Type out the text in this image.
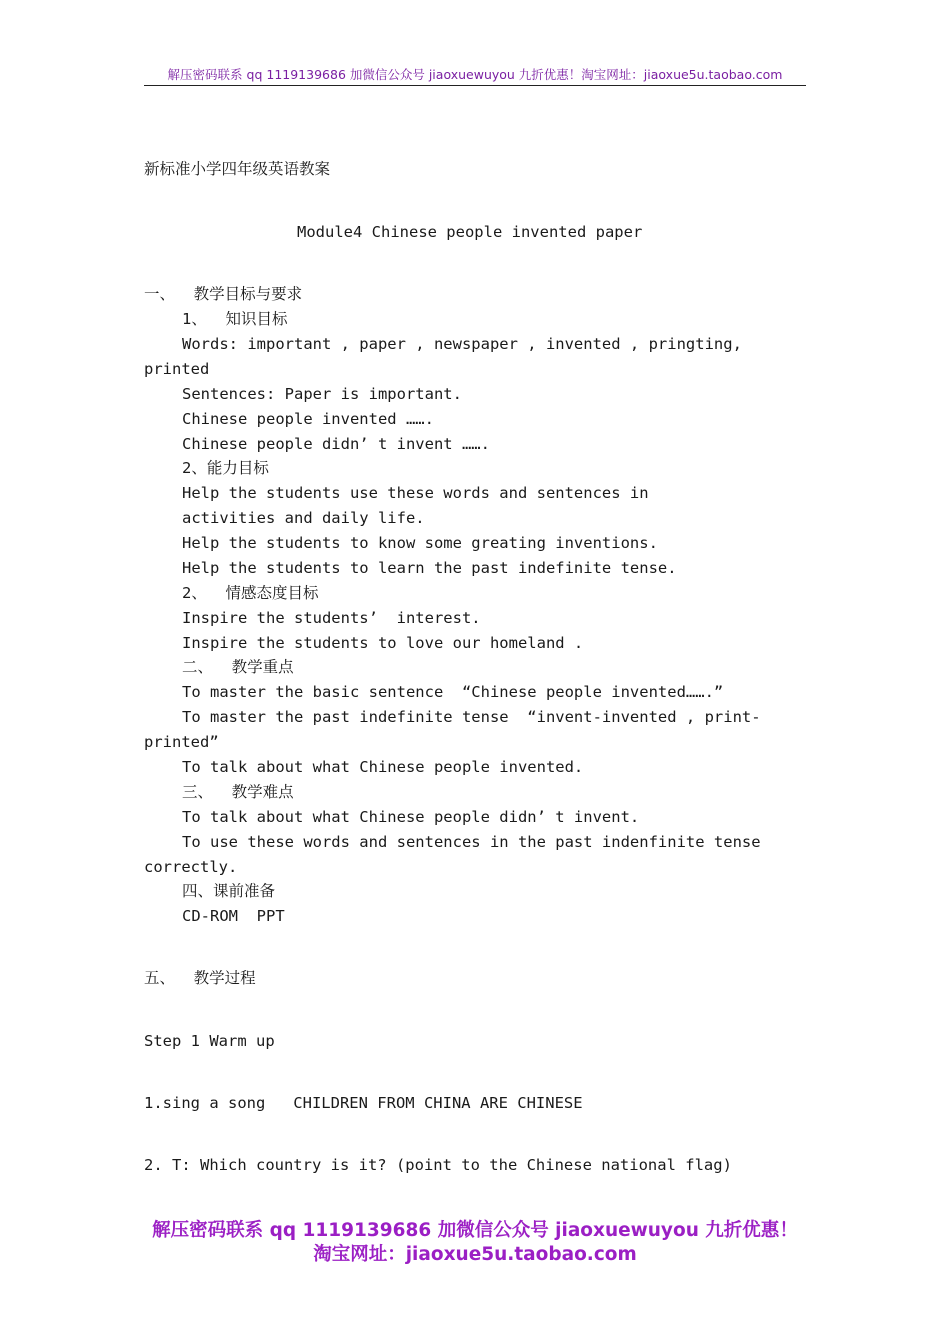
解压密码联系 qq 1119139686 加微信公众号 jiaoxuewuyou 九折优惠！淘宝网址：jiaoxue5u.taobao.com
新标准小学四年级英语教案
Module4 Chinese people invented paper
一、  教学目标与要求
1、  知识目标
Words: important , paper , newspaper , invented , pringting,
printed
Sentences: Paper is important.
Chinese people invented …….
Chinese people didn’ t invent …….
2、能力目标
Help the students use these words and sentences in
activities and daily life.
Help the students to know some greating inventions.
Help the students to learn the past indefinite tense.
2、  情感态度目标
Inspire the students’  interest.
Inspire the students to love our homeland .
二、  教学重点
To master the basic sentence  “Chinese people invented…….”
To master the past indefinite tense  “invent-invented , print-
printed”
To talk about what Chinese people invented.
三、  教学难点
To talk about what Chinese people didn’ t invent.
To use these words and sentences in the past indenfinite tense
correctly.
四、课前准备
CD-ROM  PPT
五、  教学过程
Step 1 Warm up
1.sing a song   CHILDREN FROM CHINA ARE CHINESE
2. T: Which country is it? (point to the Chinese national flag)
解压密码联系 qq 1119139686 加微信公众号 jiaoxuewuyou 九折优惠！
淘宝网址：jiaoxue5u.taobao.com
